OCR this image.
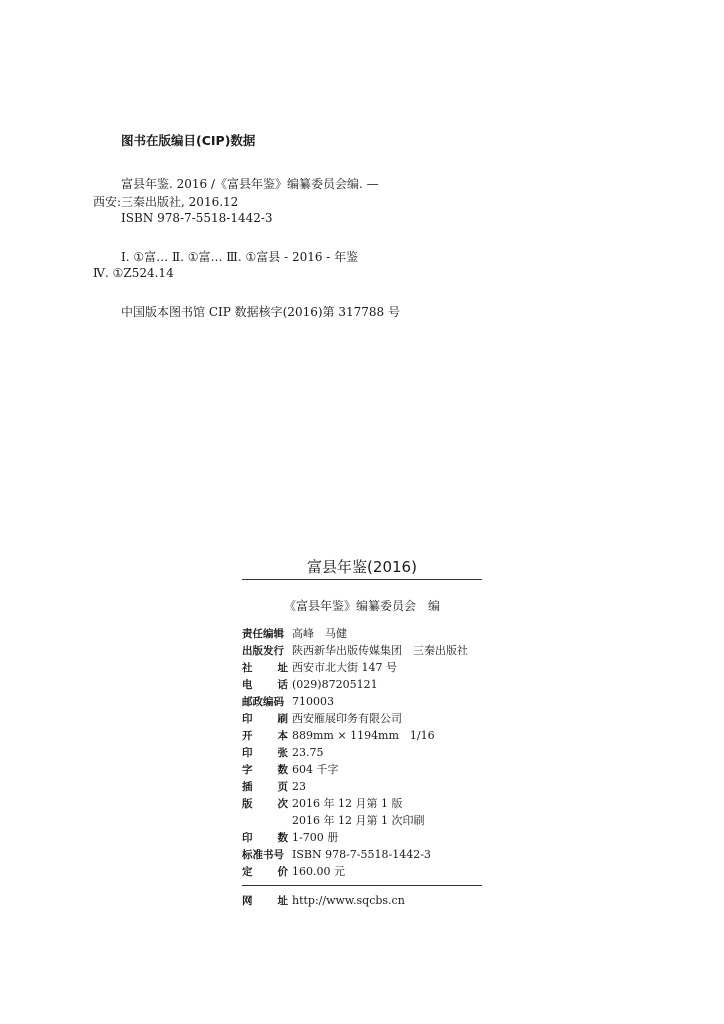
图书在版编目(CIP)数据
富县年鉴. 2016 /《富县年鉴》编纂委员会编. —
西安:三秦出版社, 2016.12
ISBN 978-7-5518-1442-3
Ⅰ. ①富… Ⅱ. ①富… Ⅲ. ①富县 - 2016 - 年鉴
Ⅳ. ①Z524.14
中国版本图书馆 CIP 数据核字(2016)第 317788 号
富县年鉴(2016)
《富县年鉴》编纂委员会　编
责任编辑 高峰　马健
出版发行 陕西新华出版传媒集团　三秦出版社
社 址 西安市北大街 147 号
电 话 (029)87205121
邮政编码 710003
印 刷 西安雁展印务有限公司
开 本 889mm × 1194mm　1/16
印 张 23.75
字 数 604 千字
插 页 23
版 次 2016 年 12 月第 1 版
2016 年 12 月第 1 次印刷
印 数 1-700 册
标准书号 ISBN 978-7-5518-1442-3
定 价 160.00 元
网 址 http://www.sqcbs.cn
